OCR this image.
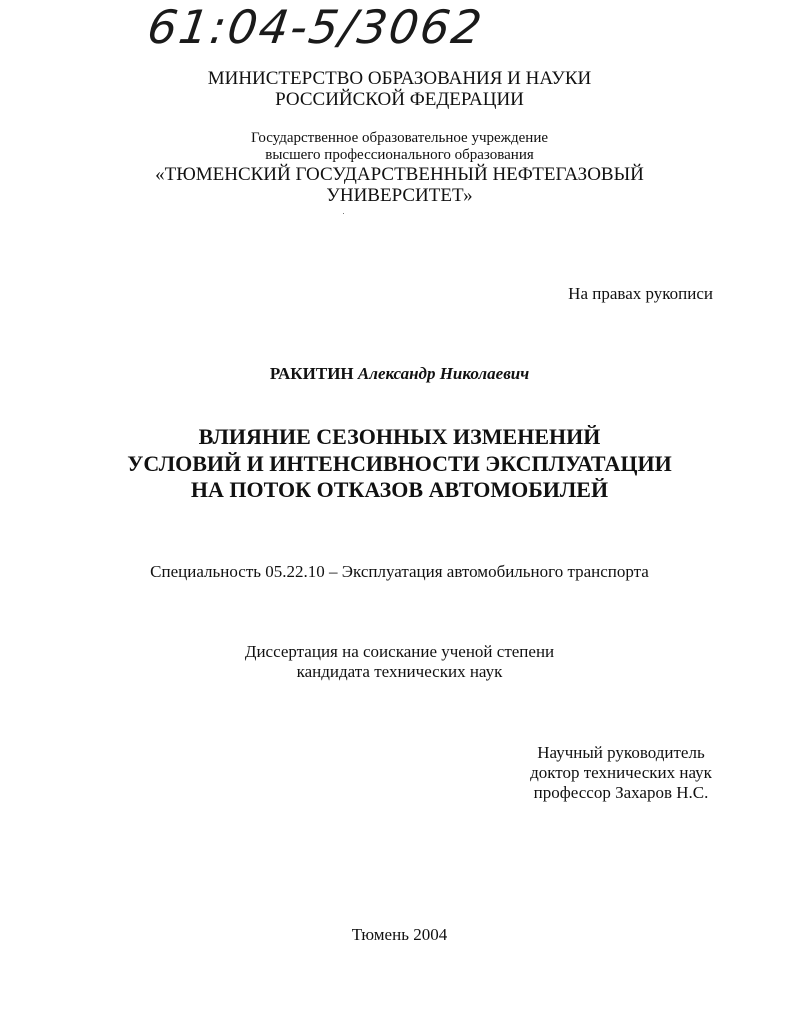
61:04-5/3062
МИНИСТЕРСТВО ОБРАЗОВАНИЯ И НАУКИ
РОССИЙСКОЙ ФЕДЕРАЦИИ
Государственное образовательное учреждение
высшего профессионального образования
«ТЮМЕНСКИЙ ГОСУДАРСТВЕННЫЙ НЕФТЕГАЗОВЫЙ
УНИВЕРСИТЕТ»
На правах рукописи
РАКИТИН Александр Николаевич
ВЛИЯНИЕ СЕЗОННЫХ ИЗМЕНЕНИЙ
УСЛОВИЙ И ИНТЕНСИВНОСТИ ЭКСПЛУАТАЦИИ
НА ПОТОК ОТКАЗОВ АВТОМОБИЛЕЙ
Специальность 05.22.10 – Эксплуатация автомобильного транспорта
Диссертация на соискание ученой степени
кандидата технических наук
Научный руководитель
доктор технических наук
профессор Захаров Н.С.
Тюмень 2004
